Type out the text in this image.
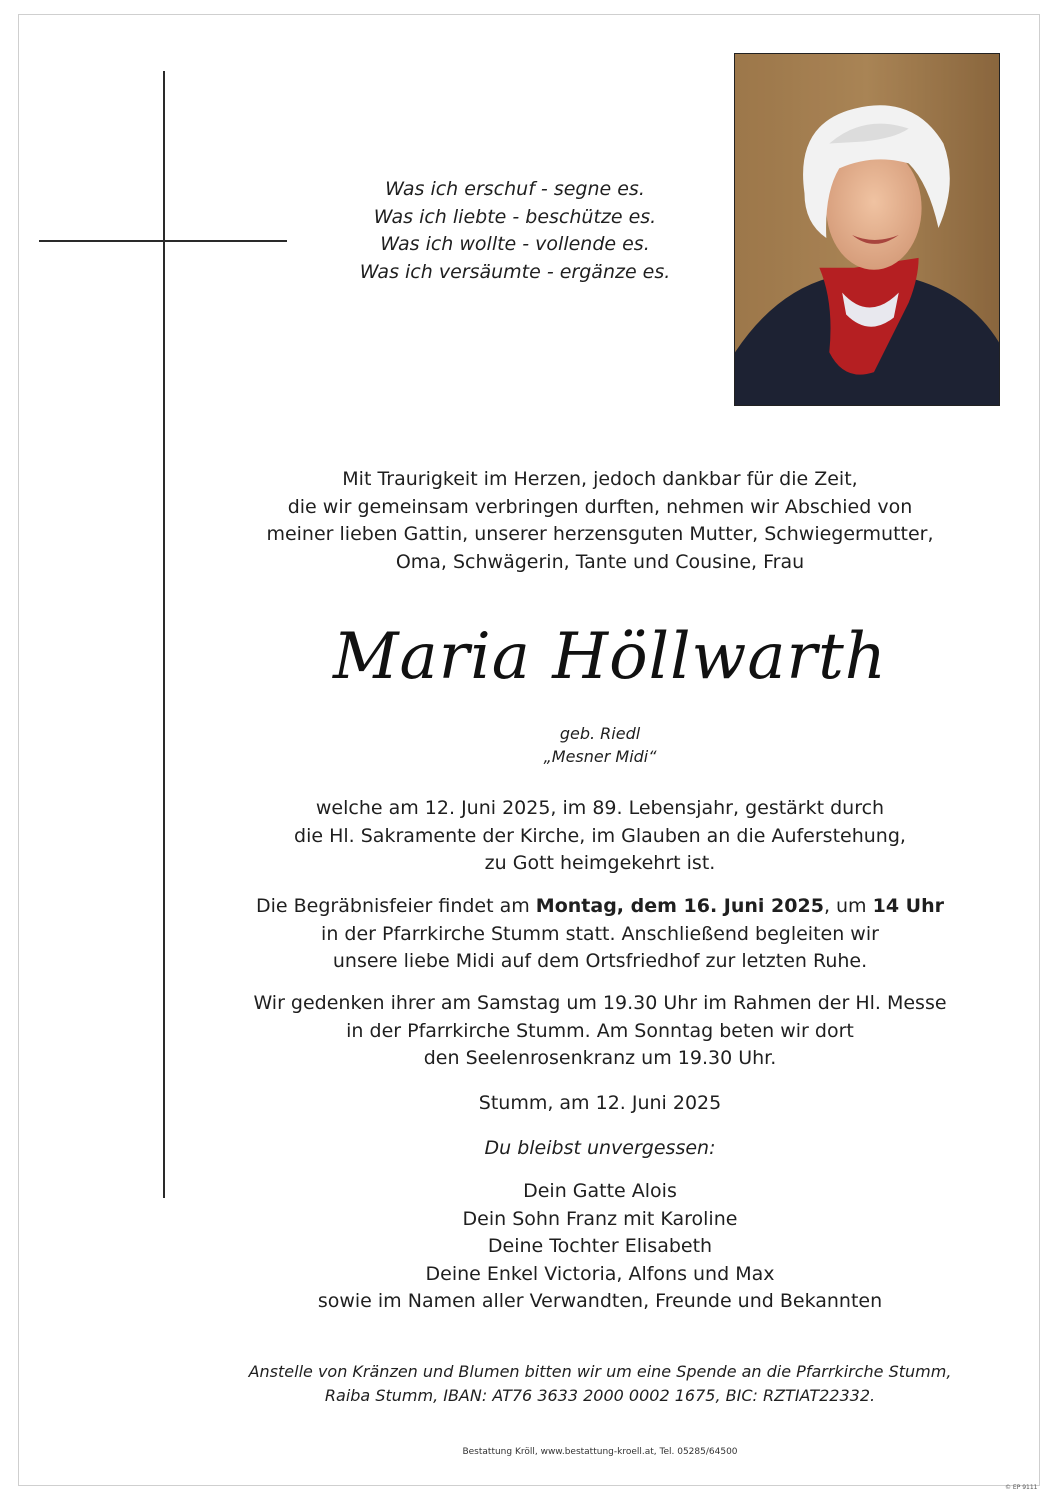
Was ich erschuf - segne es.
Was ich liebte - beschütze es.
Was ich wollte - vollende es.
Was ich versäumte - ergänze es.
Mit Traurigkeit im Herzen, jedoch dankbar für die Zeit,
die wir gemeinsam verbringen durften, nehmen wir Abschied von
meiner lieben Gattin, unserer herzensguten Mutter, Schwiegermutter,
Oma, Schwägerin, Tante und Cousine, Frau
Maria Höllwarth
geb. Riedl
„Mesner Midi“
welche am 12. Juni 2025, im 89. Lebensjahr, gestärkt durch
die Hl. Sakramente der Kirche, im Glauben an die Auferstehung,
zu Gott heimgekehrt ist.
Die Begräbnisfeier findet am Montag, dem 16. Juni 2025, um 14 Uhr
in der Pfarrkirche Stumm statt. Anschließend begleiten wir
unsere liebe Midi auf dem Ortsfriedhof zur letzten Ruhe.
Wir gedenken ihrer am Samstag um 19.30 Uhr im Rahmen der Hl. Messe
in der Pfarrkirche Stumm. Am Sonntag beten wir dort
den Seelenrosenkranz um 19.30 Uhr.
Stumm, am 12. Juni 2025
Du bleibst unvergessen:
Dein Gatte Alois
Dein Sohn Franz mit Karoline
Deine Tochter Elisabeth
Deine Enkel Victoria, Alfons und Max
sowie im Namen aller Verwandten, Freunde und Bekannten
Anstelle von Kränzen und Blumen bitten wir um eine Spende an die Pfarrkirche Stumm,
Raiba Stumm, IBAN: AT76 3633 2000 0002 1675, BIC: RZTIAT22332.
Bestattung Kröll, www.bestattung-kroell.at, Tel. 05285/64500
© EP 9111
